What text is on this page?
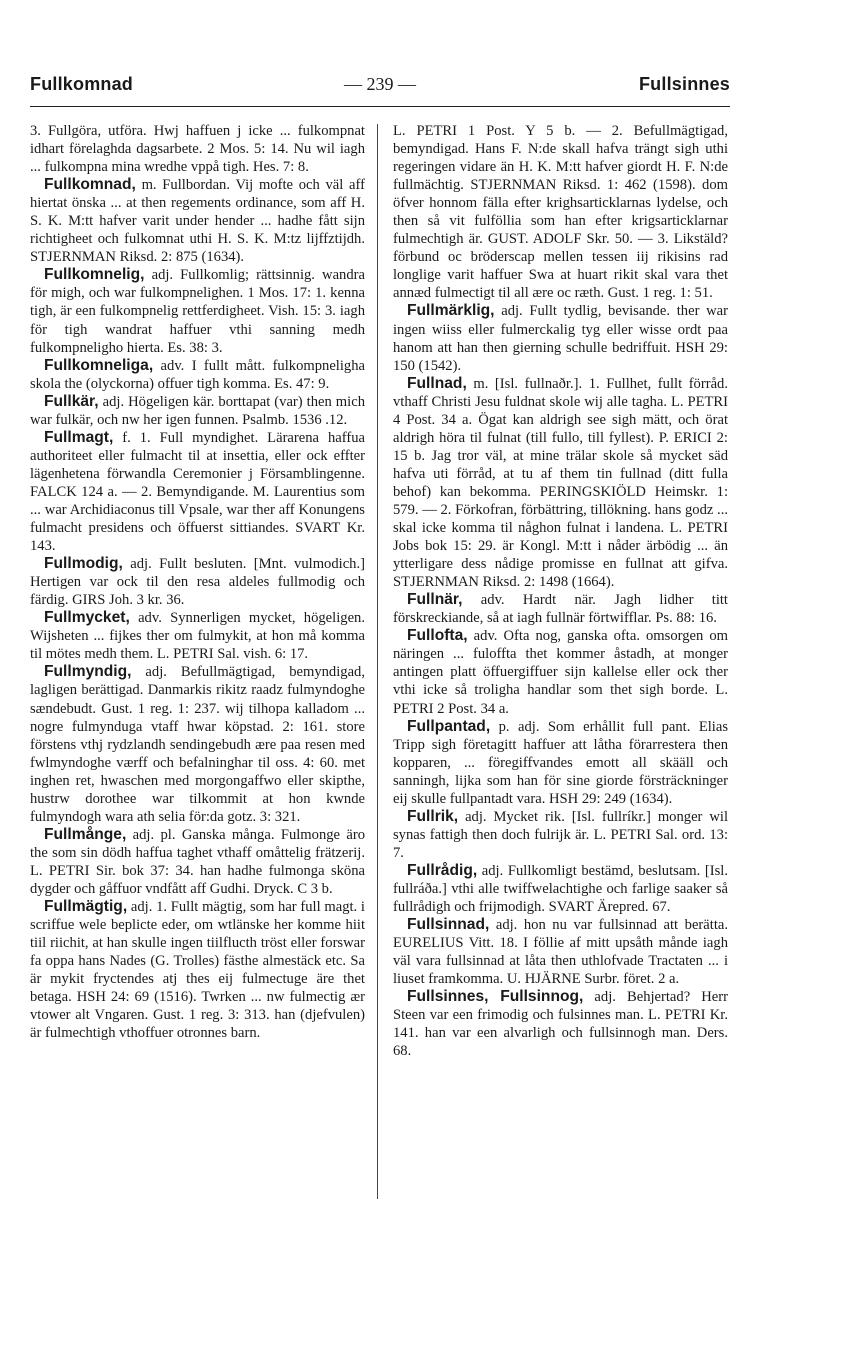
Fullkomnad	— 239 —	Fullsinnes

3. Fullgöra, utföra. Hwj haffuen j icke ... fulkompnat idhart förelaghda dagsarbete. 2 Mos. 5: 14. Nu wil iagh ... fulkompna mina wredhe vppå tigh. Hes. 7: 8.

Fullkomnad, m. Fullbordan. Vij mofte och väl aff hiertat önska ... at then regements ordinance, som aff H. S. K. M:tt hafver varit under hender ... hadhe fått sijn richtigheet och fulkomnat uthi H. S. K. M:tz lijffztijdh. STJERNMAN Riksd. 2: 875 (1634).

Fullkomnelig, adj. Fullkomlig; rättsinnig. wandra för migh, och war fulkompnelighen. 1 Mos. 17: 1. kenna tigh, är een fulkompnelig rettferdigheet. Vish. 15: 3. iagh för tigh wandrat haffuer vthi sanning medh fulkompneligho hierta. Es. 38: 3.

Fullkomneliga, adv. I fullt mått. fulkompneligha skola the (olyckorna) offuer tigh komma. Es. 47: 9.

Fullkär, adj. Högeligen kär. borttapat (var) then mich war fulkär, och nw her igen funnen. Psalmb. 1536 .12.

Fullmagt, f. 1. Full myndighet. Lärarena haffua authoriteet eller fulmacht til at insettia, eller ock effter lägenhetena förwandla Ceremonier j Församblingenne. FALCK 124 a. — 2. Bemyndigande. M. Laurentius som ... war Archidiaconus till Vpsale, war ther aff Konungens fulmacht presidens och öffuerst sittiandes. SVART Kr. 143.

Fullmodig, adj. Fullt besluten. [Mnt. vulmodich.] Hertigen var ock til den resa aldeles fullmodig och färdig. GIRS Joh. 3 kr. 36.

Fullmycket, adv. Synnerligen mycket, högeligen. Wijsheten ... fijkes ther om fulmykit, at hon må komma til mötes medh them. L. PETRI Sal. vish. 6: 17.

Fullmyndig, adj. Befullmägtigad, bemyndigad, lagligen berättigad. Danmarkis rikitz raadz fulmyndoghe sændebudt. Gust. 1 reg. 1: 237. wij tilhopa kalladom ... nogre fulmynduga vtaff hwar köpstad. 2: 161. store förstens vthj rydzlandh sendingebudh ære paa resen med fwlmyndoghe værff och befalninghar til oss. 4: 60. met inghen ret, hwaschen med morgongaffwo eller skipthe, hustrw dorothee war tilkommit at hon kwnde fulmyndogh wara ath selia för:da gotz. 3: 321.

Fullmånge, adj. pl. Ganska många. Fulmonge äro the som sin dödh haffua taghet vthaff omåttelig frätzerij. L. PETRI Sir. bok 37: 34. han hadhe fulmonga sköna dygder och gåffuor vndfått aff Gudhi. Dryck. C 3 b.

Fullmägtig, adj. 1. Fullt mägtig, som har full magt. i scriffue wele beplicte eder, om wtlänske her komme hiit tiil riichit, at han skulle ingen tiilflucth tröst eller forswar fa oppa hans Nades (G. Trolles) fästhe almestäck etc. Sa är mykit fryctendes atj thes eij fulmectuge äre thet betaga. HSH 24: 69 (1516). Twrken ... nw fulmectig ær vtower alt Vngaren. Gust. 1 reg. 3: 313. han (djefvulen) är fulmechtigh vthoffuer otronnes barn.

L. PETRI 1 Post. Y 5 b. — 2. Befullmägtigad, bemyndigad. Hans F. N:de skall hafva trängt sigh uthi regeringen vidare än H. K. M:tt hafver giordt H. F. N:de fullmächtig. STJERNMAN Riksd. 1: 462 (1598). dom öfver honnom fälla efter krighsarticklarnas lydelse, och then så vit fulföllia som han efter krigsarticklarnar fulmechtigh är. GUST. ADOLF Skr. 50. — 3. Likstäld? förbund oc bröderscap mellen tessen iij rikisins rad longlige varit haffuer Swa at huart rikit skal vara thet annæd fulmectigt til all ære oc ræth. Gust. 1 reg. 1: 51.

Fullmärklig, adj. Fullt tydlig, bevisande. ther war ingen wiiss eller fulmerckalig tyg eller wisse ordt paa hanom att han then gierning schulle bedriffuit. HSH 29: 150 (1542).

Fullnad, m. [Isl. fullnaðr.]. 1. Fullhet, fullt förråd. vthaff Christi Jesu fuldnat skole wij alle tagha. L. PETRI 4 Post. 34 a. Ögat kan aldrigh see sigh mätt, och örat aldrigh höra til fulnat (till fullo, till fyllest). P. ERICI 2: 15 b. Jag tror väl, at mine trälar skole så mycket säd hafva uti förråd, at tu af them tin fullnad (ditt fulla behof) kan bekomma. PERINGSKIÖLD Heimskr. 1: 579. — 2. Förkofran, förbättring, tillökning. hans godz ... skal icke komma til någhon fulnat i landena. L. PETRI Jobs bok 15: 29. är Kongl. M:tt i nåder ärbödig ... än ytterligare dess nådige promisse en fullnat att gifva. STJERNMAN Riksd. 2: 1498 (1664).

Fullnär, adv. Hardt när. Jagh lidher titt förskreckiande, så at iagh fullnär förtwifflar. Ps. 88: 16.

Fullofta, adv. Ofta nog, ganska ofta. omsorgen om näringen ... fuloffta thet kommer åstadh, at monger antingen platt öffuergiffuer sijn kallelse eller ock ther vthi icke så troligha handlar som thet sigh borde. L. PETRI 2 Post. 34 a.

Fullpantad, p. adj. Som erhållit full pant. Elias Tripp sigh företagitt haffuer att låtha förarrestera then kopparen, ... föregiffvandes emott all skääll och sanningh, lijka som han för sine giorde försträckninger eij skulle fullpantadt vara. HSH 29: 249 (1634).

Fullrik, adj. Mycket rik. [Isl. fullríkr.] monger wil synas fattigh then doch fulrijk är. L. PETRI Sal. ord. 13: 7.

Fullrådig, adj. Fullkomligt bestämd, beslutsam. [Isl. fullráða.] vthi alle twiffwelachtighe och farlige saaker så fullrådigh och frijmodigh. SVART Ärepred. 67.

Fullsinnad, adj. hon nu var fullsinnad att berätta. EURELIUS Vitt. 18. I föllie af mitt upsåth månde iagh väl vara fullsinnad at låta then uthlofvade Tractaten ... i liuset framkomma. U. HJÄRNE Surbr. föret. 2 a.

Fullsinnes, Fullsinnog, adj. Behjertad? Herr Steen var een frimodig och fulsinnes man. L. PETRI Kr. 141. han var een alvarligh och fullsinnogh man. Ders. 68.
